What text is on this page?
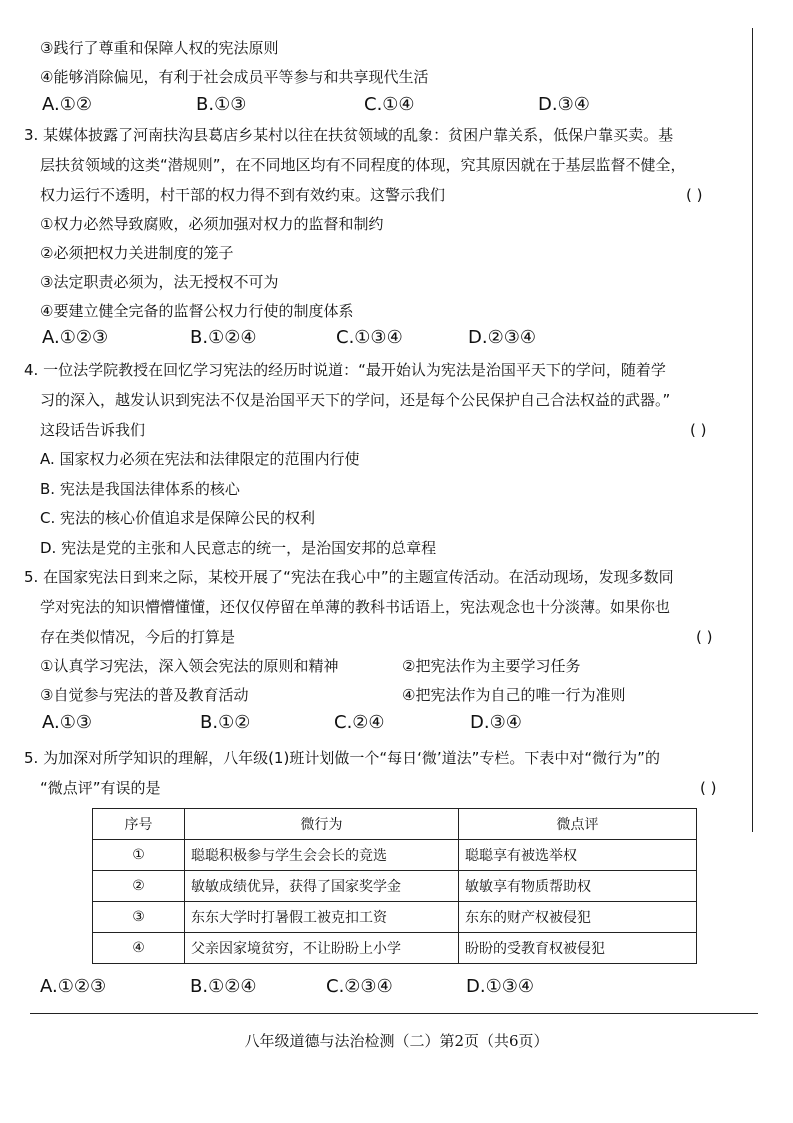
③践行了尊重和保障人权的宪法原则
④能够消除偏见，有利于社会成员平等参与和共享现代生活
A.①②	B.①③	C.①④	D.③④
3. 某媒体披露了河南扶沟县葛店乡某村以往在扶贫领域的乱象：贫困户靠关系，低保户靠买卖。基
层扶贫领域的这类“潜规则”，在不同地区均有不同程度的体现，究其原因就在于基层监督不健全，
权力运行不透明，村干部的权力得不到有效约束。这警示我们	( )
①权力必然导致腐败，必须加强对权力的监督和制约
②必须把权力关进制度的笼子
③法定职责必须为，法无授权不可为
④要建立健全完备的监督公权力行使的制度体系
A.①②③	B.①②④	C.①③④	D.②③④
4. 一位法学院教授在回忆学习宪法的经历时说道：“最开始认为宪法是治国平天下的学问，随着学
习的深入，越发认识到宪法不仅是治国平天下的学问，还是每个公民保护自己合法权益的武器。”
这段话告诉我们	( )
A. 国家权力必须在宪法和法律限定的范围内行使
B. 宪法是我国法律体系的核心
C. 宪法的核心价值追求是保障公民的权利
D. 宪法是党的主张和人民意志的统一，是治国安邦的总章程
5. 在国家宪法日到来之际，某校开展了“宪法在我心中”的主题宣传活动。在活动现场，发现多数同
学对宪法的知识懵懵懂懂，还仅仅停留在单薄的教科书话语上，宪法观念也十分淡薄。如果你也
存在类似情况，今后的打算是	( )
①认真学习宪法，深入领会宪法的原则和精神	②把宪法作为主要学习任务
③自觉参与宪法的普及教育活动	④把宪法作为自己的唯一行为准则
A.①③	B.①②	C.②④	D.③④
5. 为加深对所学知识的理解，八年级(1)班计划做一个“每日‘微’道法”专栏。下表中对“微行为”的
“微点评”有误的是	( )
序号	微行为	微点评
①	聪聪积极参与学生会会长的竞选	聪聪享有被选举权
②	敏敏成绩优异，获得了国家奖学金	敏敏享有物质帮助权
③	东东大学时打暑假工被克扣工资	东东的财产权被侵犯
④	父亲因家境贫穷，不让盼盼上小学	盼盼的受教育权被侵犯
A.①②③	B.①②④	C.②③④	D.①③④
八年级道德与法治检测（二）第2页（共6页）
